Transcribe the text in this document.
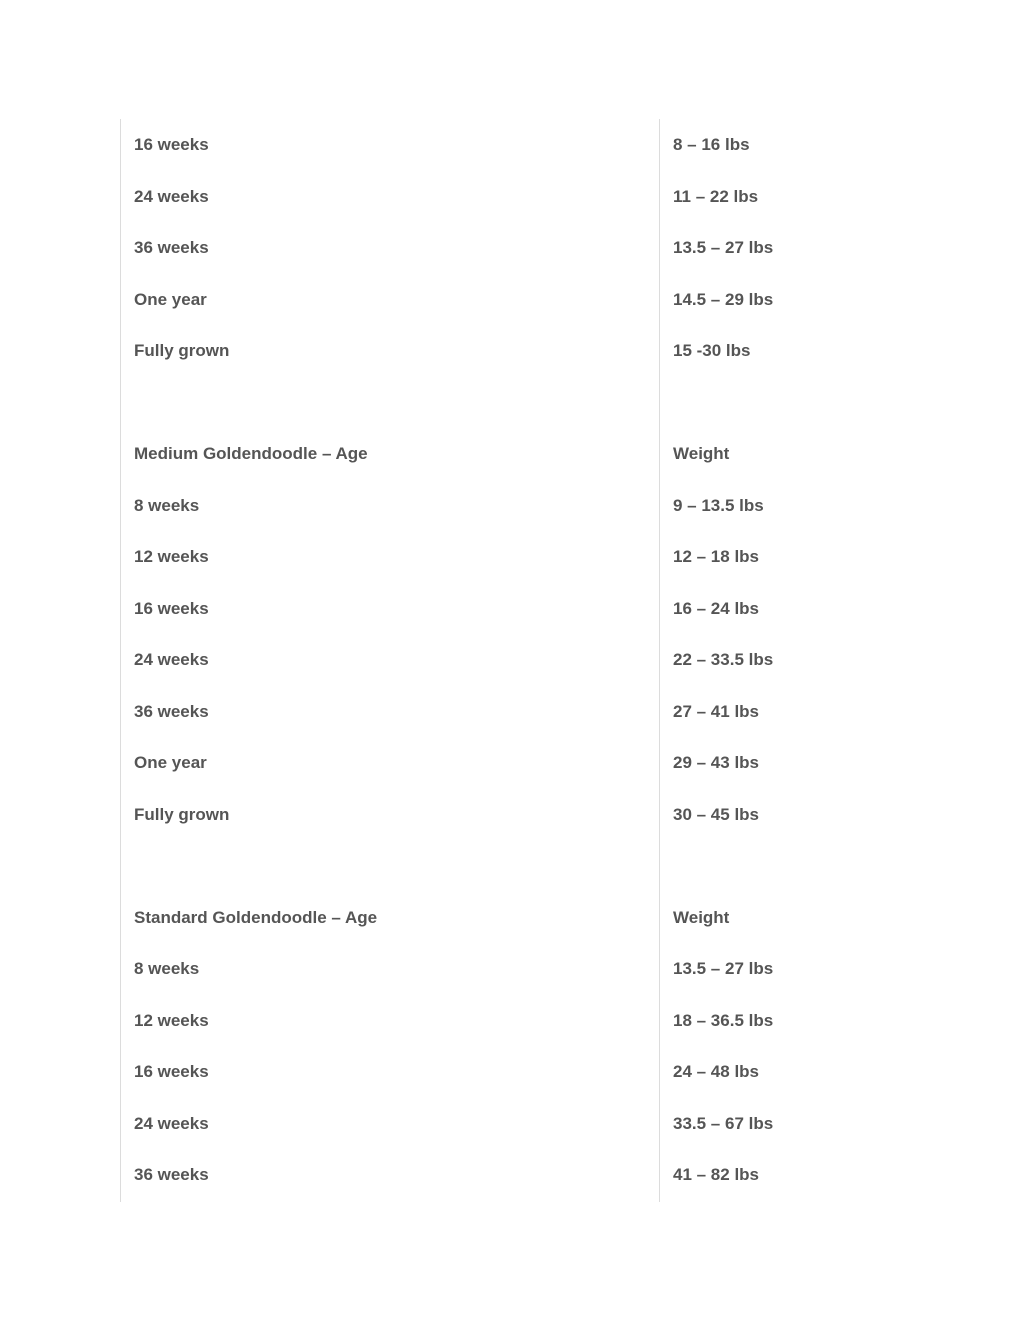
16 weeks	8 – 16 lbs
24 weeks	11 – 22 lbs
36 weeks	13.5 – 27 lbs
One year	14.5 – 29 lbs
Fully grown	15 -30 lbs
Medium Goldendoodle – Age	Weight
8 weeks	9 – 13.5 lbs
12 weeks	12 – 18 lbs
16 weeks	16 – 24 lbs
24 weeks	22 – 33.5 lbs
36 weeks	27 – 41 lbs
One year	29 – 43 lbs
Fully grown	30 – 45 lbs
Standard Goldendoodle – Age	Weight
8 weeks	13.5 – 27 lbs
12 weeks	18 – 36.5 lbs
16 weeks	24 – 48 lbs
24 weeks	33.5 – 67 lbs
36 weeks	41 – 82 lbs
